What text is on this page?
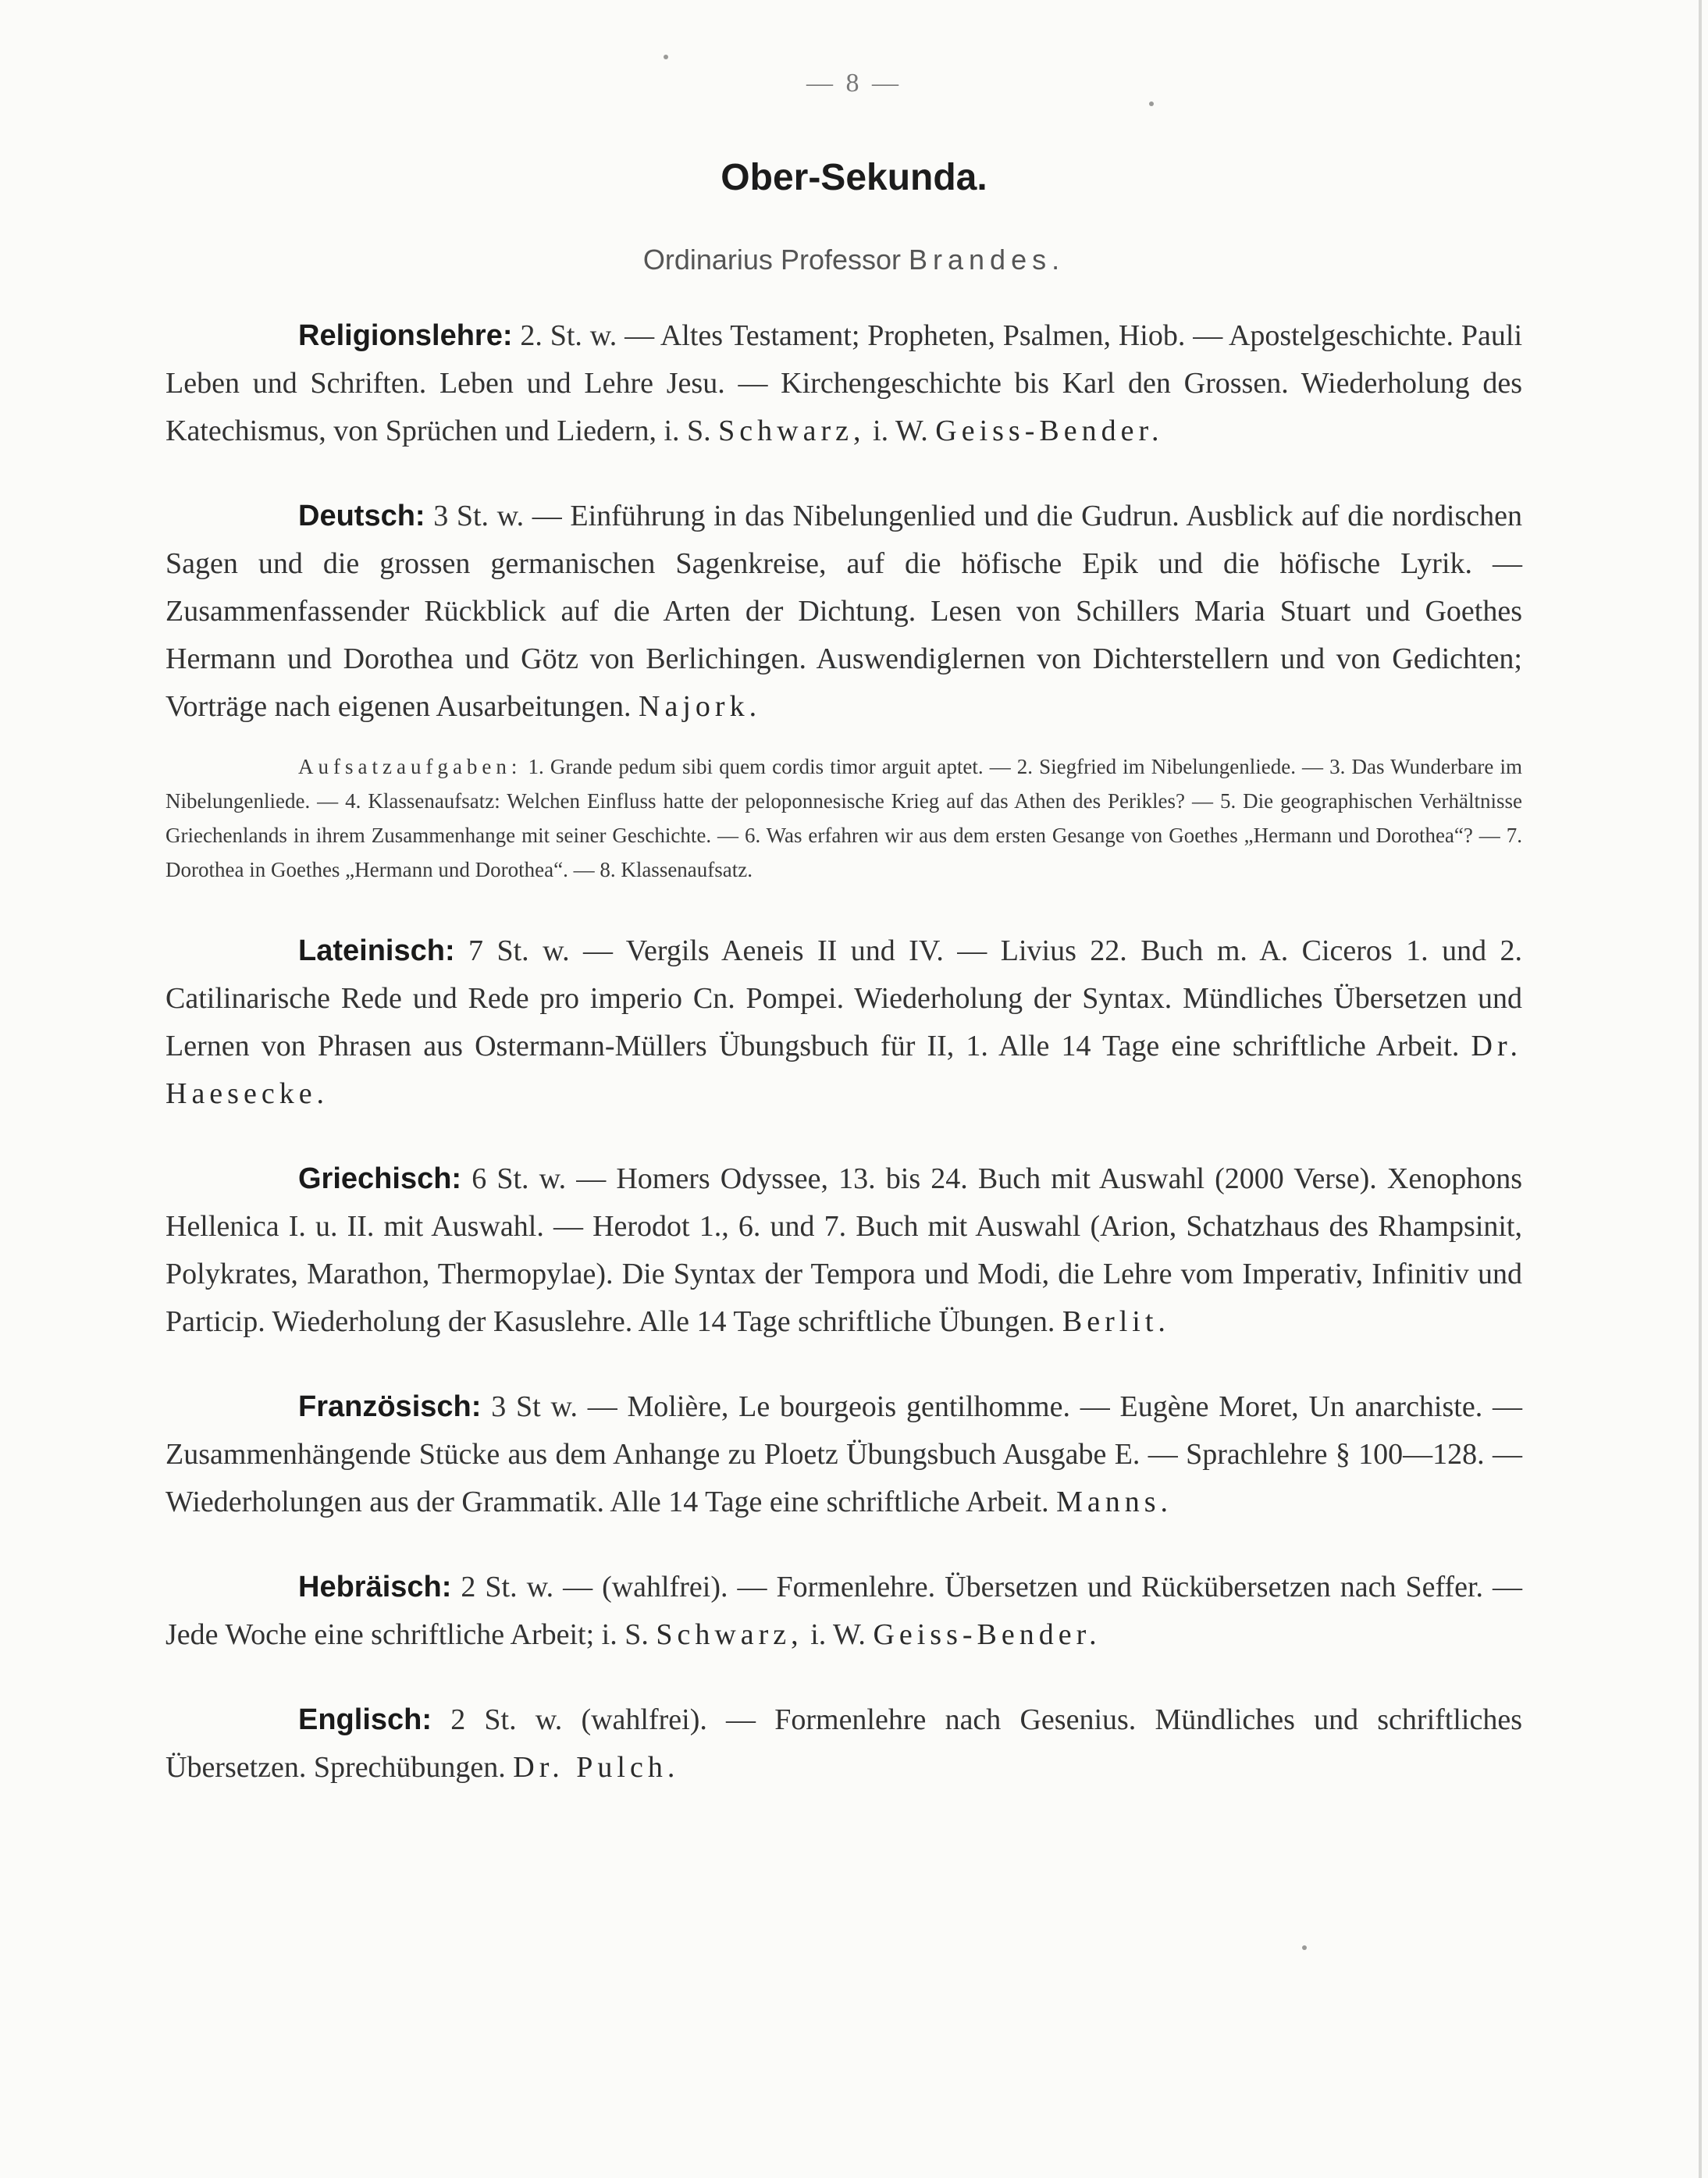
— 8 —
Ober-Sekunda.
Ordinarius Professor Brandes.

Religionslehre: 2. St. w. — Altes Testament; Propheten, Psalmen, Hiob. — Apostelgeschichte. Pauli Leben und Schriften. Leben und Lehre Jesu. — Kirchengeschichte bis Karl den Grossen. Wiederholung des Katechismus, von Sprüchen und Liedern, i. S. Schwarz, i. W. Geiss-Bender.

Deutsch: 3 St. w. — Einführung in das Nibelungenlied und die Gudrun. Ausblick auf die nordischen Sagen und die grossen germanischen Sagenkreise, auf die höfische Epik und die höfische Lyrik. — Zusammenfassender Rückblick auf die Arten der Dichtung. Lesen von Schillers Maria Stuart und Goethes Hermann und Dorothea und Götz von Berlichingen. Auswendiglernen von Dichterstellern und von Gedichten; Vorträge nach eigenen Ausarbeitungen. Najork.

Aufsatzaufgaben: 1. Grande pedum sibi quem cordis timor arguit aptet. — 2. Siegfried im Nibelungenliede. — 3. Das Wunderbare im Nibelungenliede. — 4. Klassenaufsatz: Welchen Einfluss hatte der peloponnesische Krieg auf das Athen des Perikles? — 5. Die geographischen Verhältnisse Griechenlands in ihrem Zusammenhange mit seiner Geschichte. — 6. Was erfahren wir aus dem ersten Gesange von Goethes „Hermann und Dorothea“? — 7. Dorothea in Goethes „Hermann und Dorothea“. — 8. Klassenaufsatz.

Lateinisch: 7 St. w. — Vergils Aeneis II und IV. — Livius 22. Buch m. A. Ciceros 1. und 2. Catilinarische Rede und Rede pro imperio Cn. Pompei. Wiederholung der Syntax. Mündliches Übersetzen und Lernen von Phrasen aus Ostermann-Müllers Übungsbuch für II, 1. Alle 14 Tage eine schriftliche Arbeit. Dr. Haesecke.

Griechisch: 6 St. w. — Homers Odyssee, 13. bis 24. Buch mit Auswahl (2000 Verse). Xenophons Hellenica I. u. II. mit Auswahl. — Herodot 1., 6. und 7. Buch mit Auswahl (Arion, Schatzhaus des Rhampsinit, Polykrates, Marathon, Thermopylae). Die Syntax der Tempora und Modi, die Lehre vom Imperativ, Infinitiv und Particip. Wiederholung der Kasuslehre. Alle 14 Tage schriftliche Übungen. Berlit.

Französisch: 3 St w. — Molière, Le bourgeois gentilhomme. — Eugène Moret, Un anarchiste. — Zusammenhängende Stücke aus dem Anhange zu Ploetz Übungsbuch Ausgabe E. — Sprachlehre § 100—128. — Wiederholungen aus der Grammatik. Alle 14 Tage eine schriftliche Arbeit. Manns.

Hebräisch: 2 St. w. — (wahlfrei). — Formenlehre. Übersetzen und Rückübersetzen nach Seffer. — Jede Woche eine schriftliche Arbeit; i. S. Schwarz, i. W. Geiss-Bender.

Englisch: 2 St. w. (wahlfrei). — Formenlehre nach Gesenius. Mündliches und schriftliches Übersetzen. Sprechübungen. Dr. Pulch.
